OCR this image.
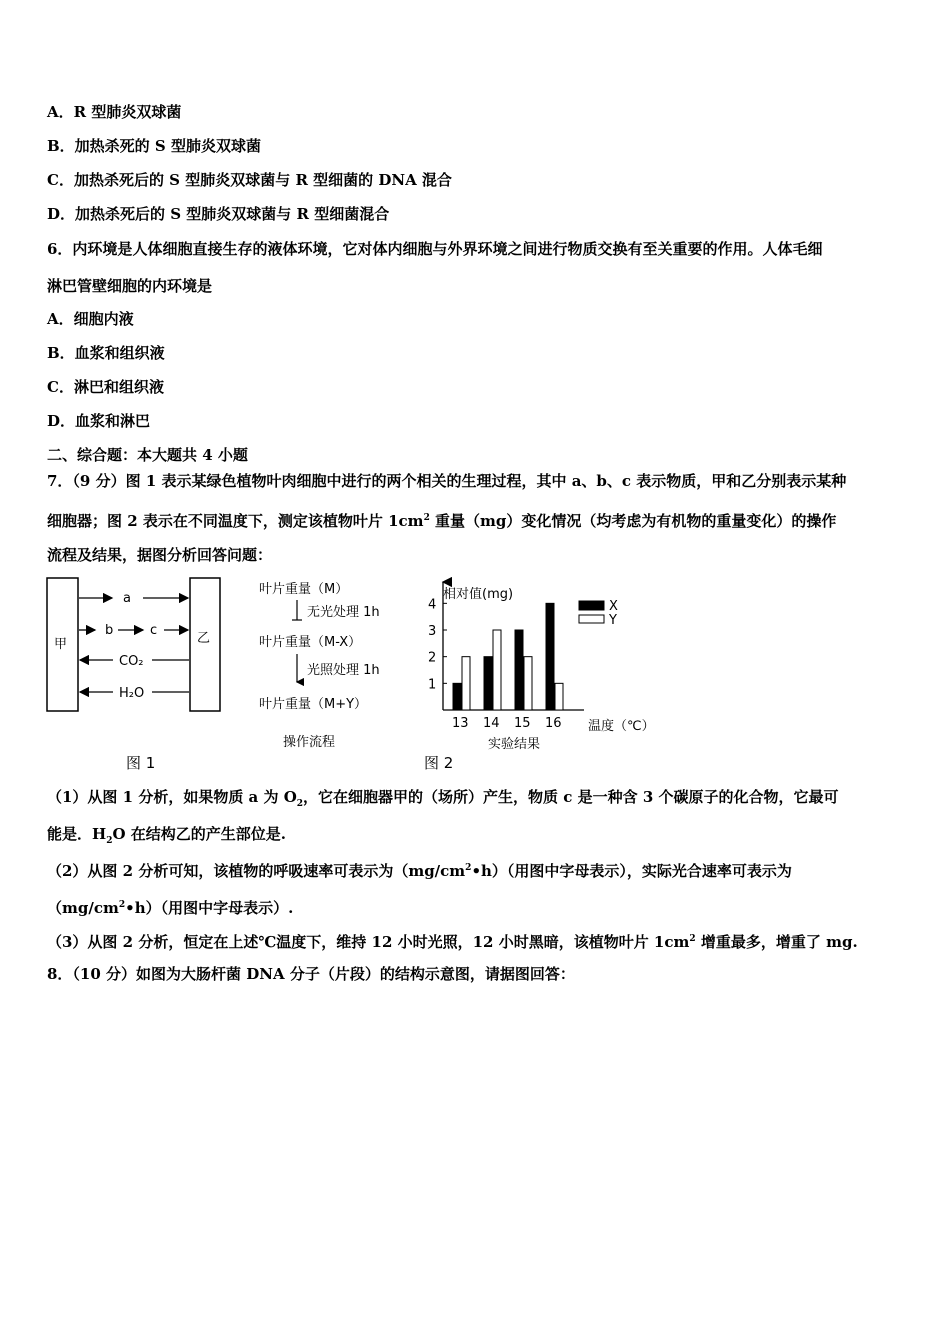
A．R 型肺炎双球菌
B．加热杀死的 S 型肺炎双球菌
C．加热杀死后的 S 型肺炎双球菌与 R 型细菌的 DNA 混合
D．加热杀死后的 S 型肺炎双球菌与 R 型细菌混合
6．内环境是人体细胞直接生存的液体环境，它对体内细胞与外界环境之间进行物质交换有至关重要的作用。人体毛细
淋巴管壁细胞的内环境是
A．细胞内液
B．血浆和组织液
C．淋巴和组织液
D．血浆和淋巴
二、综合题：本大题共 4 小题
7．（9 分）图 1 表示某绿色植物叶肉细胞中进行的两个相关的生理过程，其中 a、b、c 表示物质，甲和乙分别表示某种
细胞器；图 2 表示在不同温度下，测定该植物叶片 $1cm^2$ 重量（mg）变化情况（均考虑为有机物的重量变化）的操作
流程及结果，据图分析回答问题：
甲	乙
a
b	c
CO₂
H₂O
图 1
叶片重量（M）
无光处理 1h
叶片重量（M-X）
光照处理 1h
叶片重量（M+Y）
操作流程
相对值(mg)
温度（℃）
实验结果
X
Y
1
2
3
4
13 14 15 16
图 2
（1）从图 1 分析，如果物质 a 为 $O_2$，它在细胞器甲的（场所）产生，物质 c 是一种含 3 个碳原子的化合物，它最可
能是．$H_2O$ 在结构乙的产生部位是.
（2）从图 2 分析可知，该植物的呼吸速率可表示为$(mg/cm^2•h)$（用图中字母表示），实际光合速率可表示为
$(mg/cm^2•h)$（用图中字母表示）.
（3）从图 2 分析，恒定在上述℃温度下，维持 12 小时光照，12 小时黑暗，该植物叶片 $1cm^2$ 增重最多，增重了 mg.
8．（10 分）如图为大肠杆菌 DNA 分子（片段）的结构示意图，请据图回答：
